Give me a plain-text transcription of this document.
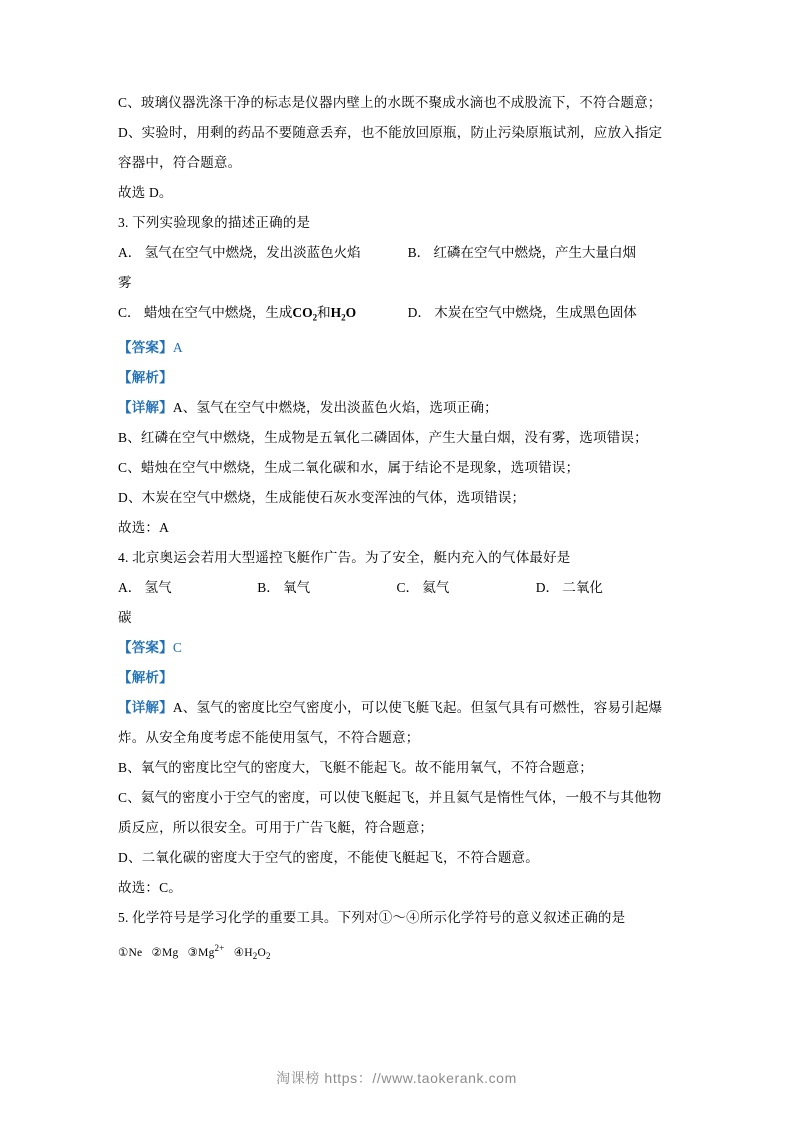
C、玻璃仪器洗涤干净的标志是仪器内壁上的水既不聚成水滴也不成股流下，不符合题意；
D、实验时，用剩的药品不要随意丢弃，也不能放回原瓶，防止污染原瓶试剂，应放入指定容器中，符合题意。
故选 D。
3. 下列实验现象的描述正确的是
A． 氢气在空气中燃烧，发出淡蓝色火焰	B． 红磷在空气中燃烧，产生大量白烟
雾
C． 蜡烛在空气中燃烧，生成$CO_2$和$H_2O$	D． 木炭在空气中燃烧，生成黑色固体
【答案】A
【解析】
【详解】A、氢气在空气中燃烧，发出淡蓝色火焰，选项正确；
B、红磷在空气中燃烧，生成物是五氧化二磷固体，产生大量白烟，没有雾，选项错误；
C、蜡烛在空气中燃烧，生成二氧化碳和水，属于结论不是现象，选项错误；
D、木炭在空气中燃烧，生成能使石灰水变浑浊的气体，选项错误；
故选：A
4. 北京奥运会若用大型遥控飞艇作广告。为了安全，艇内充入的气体最好是
A． 氢气	B． 氧气	C． 氦气	D． 二氧化
碳
【答案】C
【解析】
【详解】A、氢气的密度比空气密度小，可以使飞艇飞起。但氢气具有可燃性，容易引起爆
炸。从安全角度考虑不能使用氢气，不符合题意；
B、氧气的密度比空气的密度大，飞艇不能起飞。故不能用氧气，不符合题意；
C、氦气的密度小于空气的密度，可以使飞艇起飞，并且氦气是惰性气体，一般不与其他物
质反应，所以很安全。可用于广告飞艇，符合题意；
D、二氧化碳的密度大于空气的密度，不能使飞艇起飞，不符合题意。
故选：C。
5. 化学符号是学习化学的重要工具。下列对①～④所示化学符号的意义叙述正确的是
①Ne   ②Mg   $③Mg^{2+}$   $④H_2O_2$
淘课榜 https：//www.taokerank.com
